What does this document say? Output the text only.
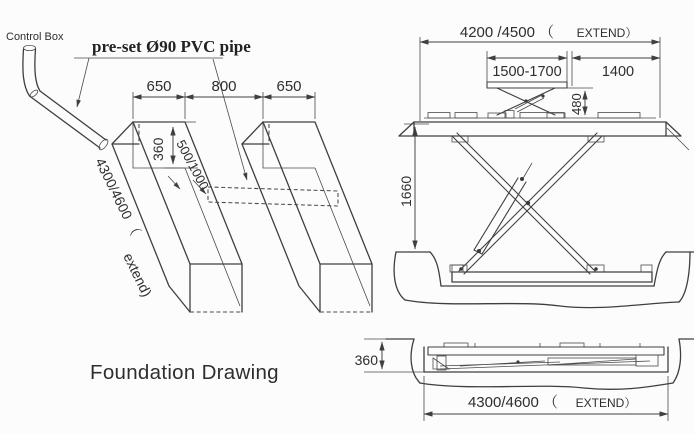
Control Box pre-set Ø90 PVC pipe
650	800	650
360 500/1000
4300/4600 （
extend)
Foundation Drawing
4200 /4500 （ EXTEND）
1500-1700	1400
480
1660
360
4300/4600 （ EXTEND）
